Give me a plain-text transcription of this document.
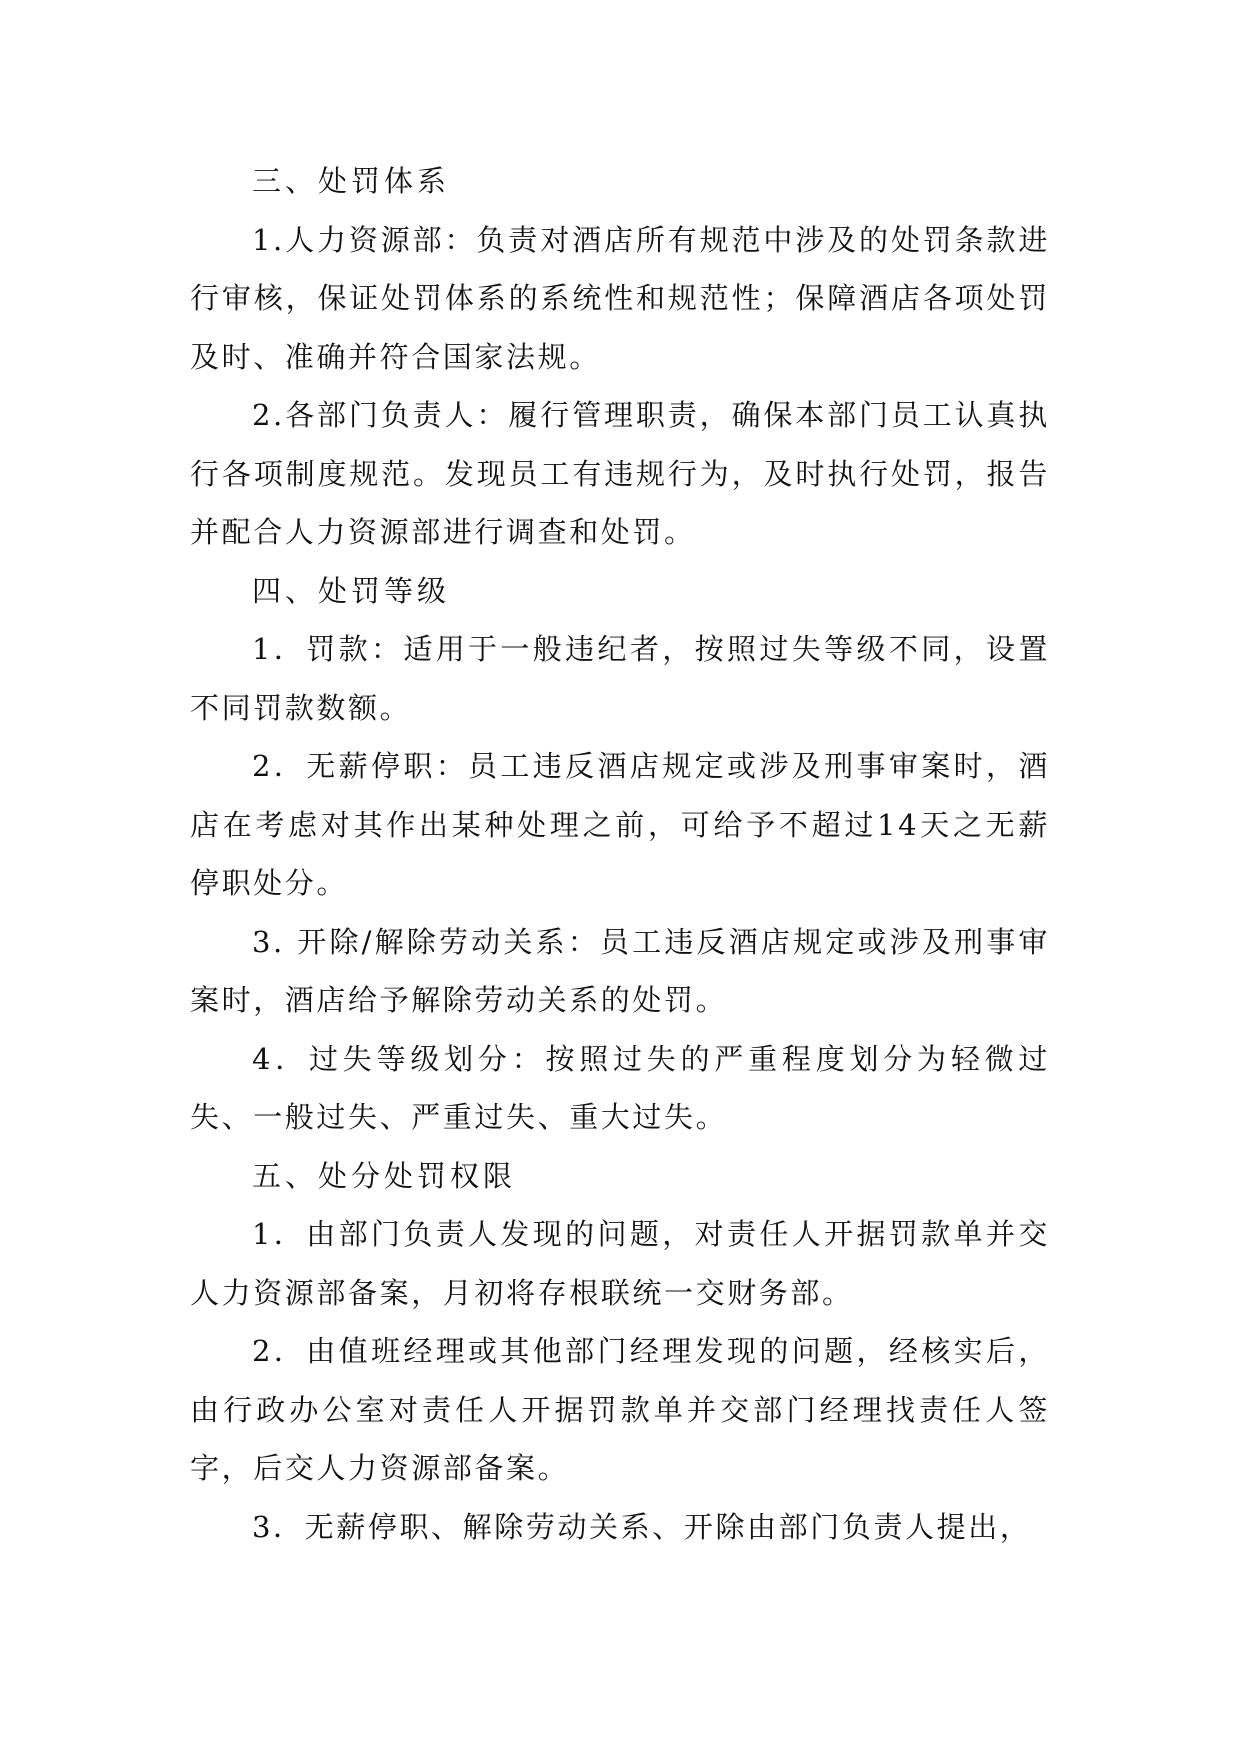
三、处罚体系

1.人力资源部：负责对酒店所有规范中涉及的处罚条款进行审核，保证处罚体系的系统性和规范性；保障酒店各项处罚及时、准确并符合国家法规。

2.各部门负责人：履行管理职责，确保本部门员工认真执行各项制度规范。发现员工有违规行为，及时执行处罚，报告并配合人力资源部进行调查和处罚。

四、处罚等级

1．罚款：适用于一般违纪者，按照过失等级不同，设置不同罚款数额。

2．无薪停职：员工违反酒店规定或涉及刑事审案时，酒店在考虑对其作出某种处理之前，可给予不超过14天之无薪停职处分。

3. 开除/解除劳动关系：员工违反酒店规定或涉及刑事审案时，酒店给予解除劳动关系的处罚。

4．过失等级划分：按照过失的严重程度划分为轻微过失、一般过失、严重过失、重大过失。

五、处分处罚权限

1．由部门负责人发现的问题，对责任人开据罚款单并交人力资源部备案，月初将存根联统一交财务部。

2．由值班经理或其他部门经理发现的问题，经核实后，由行政办公室对责任人开据罚款单并交部门经理找责任人签字，后交人力资源部备案。

3．无薪停职、解除劳动关系、开除由部门负责人提出，
